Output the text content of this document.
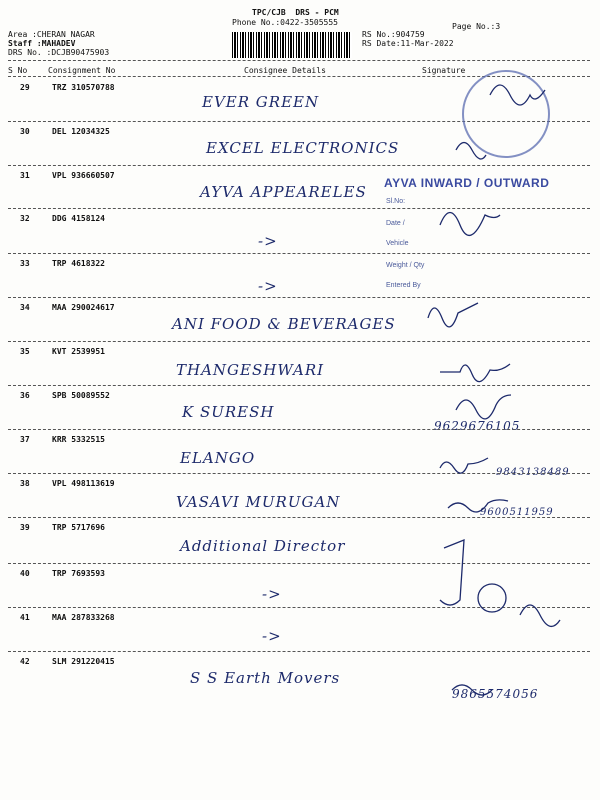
TPC/CJB  DRS - PCM
Phone No.:0422-3505555	Page No.:3
Area :CHERAN NAGAR
Staff :MAHADEV
DRS No. :DCJB90475903
RS No.:904759
RS Date:11-Mar-2022
S No	Consignment No	Consignee Details	Signature
29	TRZ 310570788
EVER GREEN
30	DEL 12034325
EXCEL ELECTRONICS
31	VPL 936660507
AYVA APPEARELES
32	DDG 4158124
->
33	TRP 4618322
->
34	MAA 290024617
ANI FOOD & BEVERAGES
35	KVT 2539951
THANGESHWARI
36	SPB 50089552
K SURESH
9629676105
37	KRR 5332515
ELANGO
9843138489
38	VPL 498113619
VASAVI MURUGAN
9600511959
39	TRP 5717696
Additional Director
40	TRP 7693593
->
41	MAA 287833268
->
42	SLM 291220415
S S Earth Movers
9865574056
AYVA INWARD / OUTWARD
Sl.No:
Date /
Vehicle
Weight / Qty
Entered By
